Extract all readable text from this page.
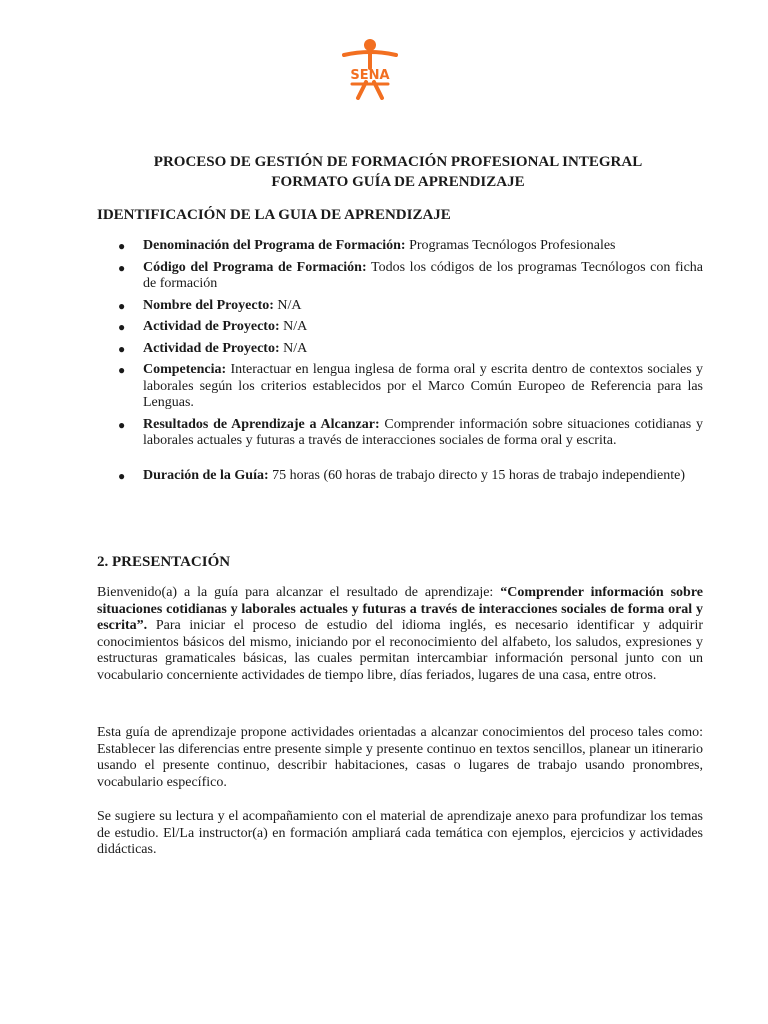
SENA
PROCESO DE GESTIÓN DE FORMACIÓN PROFESIONAL INTEGRAL
FORMATO GUÍA DE APRENDIZAJE
IDENTIFICACIÓN DE LA GUIA DE APRENDIZAJE
● Denominación del Programa de Formación: Programas Tecnólogos Profesionales
● Código del Programa de Formación: Todos los códigos de los programas Tecnólogos con ficha de formación
● Nombre del Proyecto: N/A
● Actividad de Proyecto: N/A
● Actividad de Proyecto: N/A
● Competencia: Interactuar en lengua inglesa de forma oral y escrita dentro de contextos sociales y laborales según los criterios establecidos por el Marco Común Europeo de Referencia para las Lenguas.
● Resultados de Aprendizaje a Alcanzar: Comprender información sobre situaciones cotidianas y laborales actuales y futuras a través de interacciones sociales de forma oral y escrita.
● Duración de la Guía: 75 horas (60 horas de trabajo directo y 15 horas de trabajo independiente)
2. PRESENTACIÓN

Bienvenido(a) a la guía para alcanzar el resultado de aprendizaje: “Comprender información sobre situaciones cotidianas y laborales actuales y futuras a través de interacciones sociales de forma oral y escrita”. Para iniciar el proceso de estudio del idioma inglés, es necesario identificar y adquirir conocimientos básicos del mismo, iniciando por el reconocimiento del alfabeto, los saludos, expresiones y estructuras gramaticales básicas, las cuales permitan intercambiar información personal junto con un vocabulario concerniente actividades de tiempo libre, días feriados, lugares de una casa, entre otros.

Esta guía de aprendizaje propone actividades orientadas a alcanzar conocimientos del proceso tales como: Establecer las diferencias entre presente simple y presente continuo en textos sencillos, planear un itinerario usando el presente continuo, describir habitaciones, casas o lugares de trabajo usando pronombres, vocabulario específico.

Se sugiere su lectura y el acompañamiento con el material de aprendizaje anexo para profundizar los temas de estudio. El/La instructor(a) en formación ampliará cada temática con ejemplos, ejercicios y actividades didácticas.
